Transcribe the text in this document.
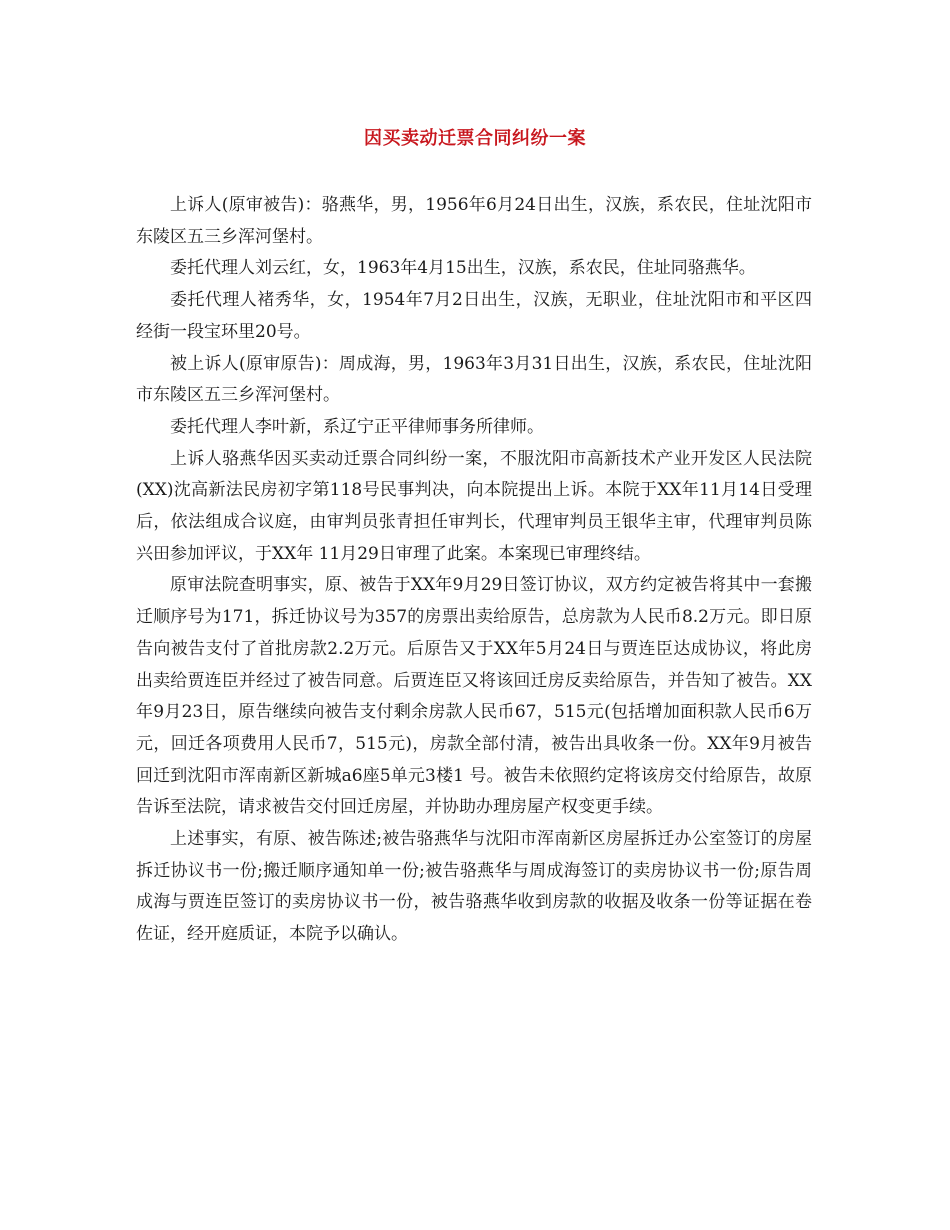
因买卖动迁票合同纠纷一案

上诉人(原审被告)：骆燕华，男，1956年6月24日出生，汉族，系农民，住址沈阳市东陵区五三乡浑河堡村。

委托代理人刘云红，女，1963年4月15出生，汉族，系农民，住址同骆燕华。

委托代理人褚秀华，女，1954年7月2日出生，汉族，无职业，住址沈阳市和平区四经街一段宝环里20号。

被上诉人(原审原告)：周成海，男，1963年3月31日出生，汉族，系农民，住址沈阳市东陵区五三乡浑河堡村。

委托代理人李叶新，系辽宁正平律师事务所律师。

上诉人骆燕华因买卖动迁票合同纠纷一案，不服沈阳市高新技术产业开发区人民法院(XX)沈高新法民房初字第118号民事判决，向本院提出上诉。本院于XX年11月14日受理后，依法组成合议庭，由审判员张青担任审判长，代理审判员王银华主审，代理审判员陈兴田参加评议，于XX年 11月29日审理了此案。本案现已审理终结。

原审法院查明事实，原、被告于XX年9月29日签订协议，双方约定被告将其中一套搬迁顺序号为171，拆迁协议号为357的房票出卖给原告，总房款为人民币8.2万元。即日原告向被告支付了首批房款2.2万元。后原告又于XX年5月24日与贾连臣达成协议，将此房出卖给贾连臣并经过了被告同意。后贾连臣又将该回迁房反卖给原告，并告知了被告。XX年9月23日，原告继续向被告支付剩余房款人民币67，515元(包括增加面积款人民币6万元，回迁各项费用人民币7，515元)，房款全部付清，被告出具收条一份。XX年9月被告回迁到沈阳市浑南新区新城a6座5单元3楼1 号。被告未依照约定将该房交付给原告，故原告诉至法院，请求被告交付回迁房屋，并协助办理房屋产权变更手续。

上述事实，有原、被告陈述;被告骆燕华与沈阳市浑南新区房屋拆迁办公室签订的房屋拆迁协议书一份;搬迁顺序通知单一份;被告骆燕华与周成海签订的卖房协议书一份;原告周成海与贾连臣签订的卖房协议书一份，被告骆燕华收到房款的收据及收条一份等证据在卷佐证，经开庭质证，本院予以确认。
